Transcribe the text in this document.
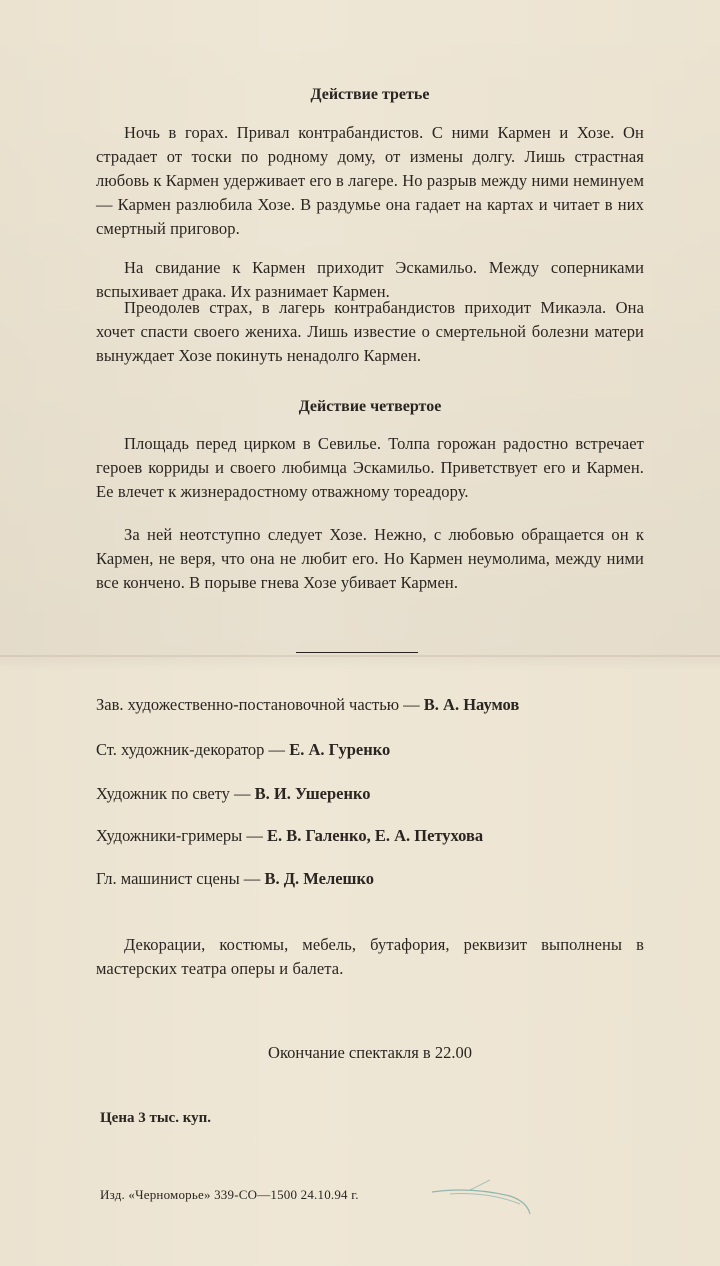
Действие третье
Ночь в горах. Привал контрабандистов. С ними Кармен и Хозе. Он страдает от тоски по родному дому, от измены долгу. Лишь страстная любовь к Кармен удерживает его в лагере. Но разрыв между ними неминуем — Кармен разлюбила Хозе. В раздумье она гадает на картах и читает в них смертный приговор.
На свидание к Кармен приходит Эскамильо. Между соперниками вспыхивает драка. Их разнимает Кармен.
Преодолев страх, в лагерь контрабандистов приходит Микаэла. Она хочет спасти своего жениха. Лишь известие о смертельной болезни матери вынуждает Хозе покинуть ненадолго Кармен.
Действие четвертое
Площадь перед цирком в Севилье. Толпа горожан радостно встречает героев корриды и своего любимца Эскамильо. Приветствует его и Кармен. Ее влечет к жизнерадостному отважному тореадору.
За ней неотступно следует Хозе. Нежно, с любовью обращается он к Кармен, не веря, что она не любит его. Но Кармен неумолима, между ними все кончено. В порыве гнева Хозе убивает Кармен.
Зав. художественно-постановочной частью — В. А. Наумов
Ст. художник-декоратор — Е. А. Гуренко
Художник по свету — В. И. Ушеренко
Художники-гримеры — Е. В. Галенко, Е. А. Петухова
Гл. машинист сцены — В. Д. Мелешко
Декорации, костюмы, мебель, бутафория, реквизит выполнены в мастерских театра оперы и балета.
Окончание спектакля в 22.00
Цена 3 тыс. куп.
Изд. «Черноморье» 339-СО—1500 24.10.94 г.
